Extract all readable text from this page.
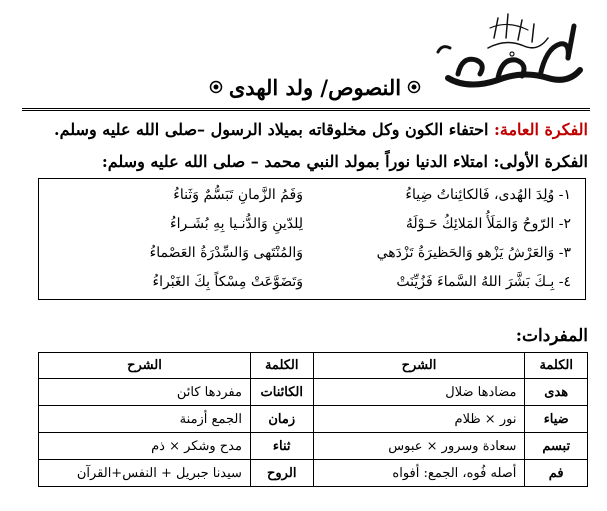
النصوص/ ولد الهدى
الفكرة العامة: احتفاء الكون وكل مخلوقاته بميلاد الرسول –صلى الله عليه وسلم.
الفكرة الأولى: امتلاء الدنيا نوراً بمولد النبي محمد – صلى الله عليه وسلم:
١- وُلِدَ الهُدى، فَالكائِناتُ ضِياءُ
وَفَمُ الزَّمانِ تَبَسُّمٌ وَثَناءُ
٢- الرّوحُ وَالمَلَأُ المَلائِكُ حَـوْلَهُ
لِلدّينِ وَالدُّنـيا بِهِ بُشَـراءُ
٣- وَالعَرْشُ يَزْهو وَالحَظيرَةُ تَزْدَهي
وَالمُنْتَهى وَالسِّدْرَةُ العَصْماءُ
٤- بِـكَ بَشَّرَ اللهُ السَّماءَ فَزُيِّنَتْ
وَتَضَوَّعَتْ مِسْكاً بِكَ الغَبْراءُ
المفردات:
الكلمة	الشرح	الكلمة	الشرح
هدى	مضادها ضلال	الكائنات	مفردها كائن
ضياء	نور × ظلام	زمان	الجمع أزمنة
تبسم	سعادة وسرور × عبوس	ثناء	مدح وشكر × ذم
فم	أصله فُوه، الجمع: أفواه	الروح	سيدنا جبريل + النفس+القرآن
